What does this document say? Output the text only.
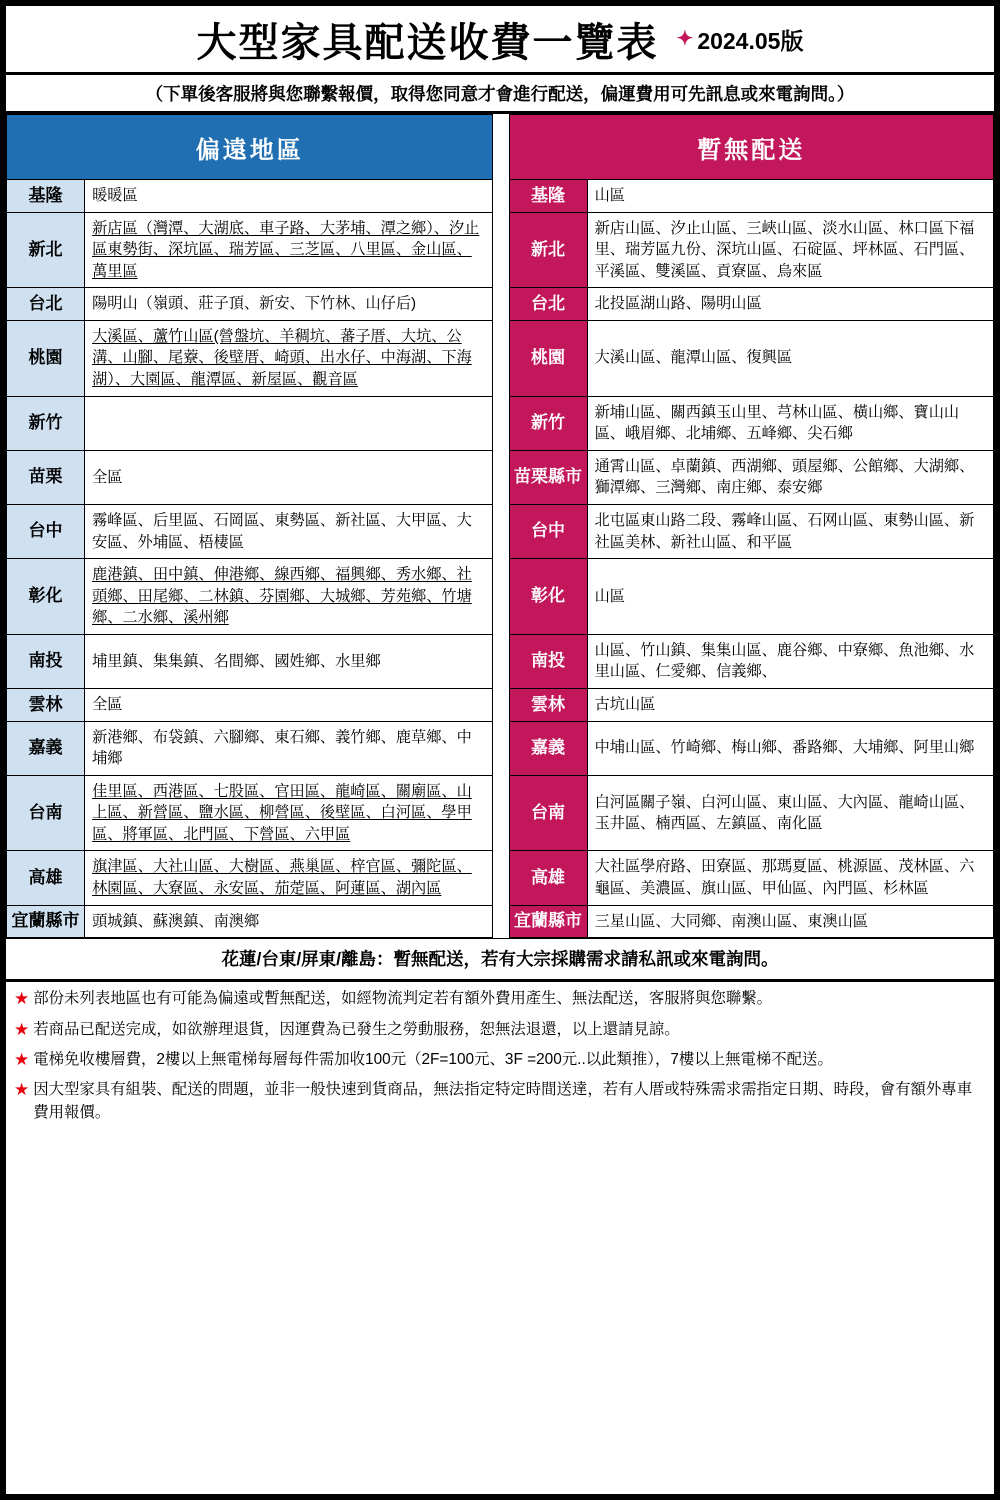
大型家具配送收費一覽表 ✦ 2024.05版
（下單後客服將與您聯繫報價，取得您同意才會進行配送，偏運費用可先訊息或來電詢問。）
偏遠地區			暫無配送	
基隆	暖暖區		基隆	山區
新北	新店區（灣潭、大湖底、車子路、大茅埔、潭之鄉）、汐止區東勢街、深坑區、瑞芳區、三芝區、八里區、金山區、萬里區		新北	新店山區、汐止山區、三峽山區、淡水山區、林口區下福里、瑞芳區九份、深坑山區、石碇區、坪林區、石門區、平溪區、雙溪區、貢寮區、烏來區
台北	陽明山（嶺頭、莊子頂、新安、下竹林、山仔后)		台北	北投區湖山路、陽明山區
桃園	大溪區、蘆竹山區(營盤坑、羊稠坑、蕃子厝、大坑、公溝、山腳、尾藔、後壁厝、崎頭、出水仔、中海湖、下海湖）、大園區、龍潭區、新屋區、觀音區		桃園	大溪山區、龍潭山區、復興區
新竹			新竹	新埔山區、關西鎮玉山里、芎林山區、橫山鄉、寶山山區、峨眉鄉、北埔鄉、五峰鄉、尖石鄉
苗栗	全區		苗栗縣市	通霄山區、卓蘭鎮、西湖鄉、頭屋鄉、公館鄉、大湖鄉、獅潭鄉、三灣鄉、南庄鄉、泰安鄉
台中	霧峰區、后里區、石岡區、東勢區、新社區、大甲區、大安區、外埔區、梧棲區		台中	北屯區東山路二段、霧峰山區、石网山區、東勢山區、新社區美林、新社山區、和平區
彰化	鹿港鎮、田中鎮、伸港鄉、線西鄉、福興鄉、秀水鄉、社頭鄉、田尾鄉、二林鎮、芬園鄉、大城鄉、芳苑鄉、竹塘鄉、二水鄉、溪州鄉		彰化	山區
南投	埔里鎮、集集鎮、名間鄉、國姓鄉、水里鄉		南投	山區、竹山鎮、集集山區、鹿谷鄉、中寮鄉、魚池鄉、水里山區、仁愛鄉、信義鄉、
雲林	全區		雲林	古坑山區
嘉義	新港鄉、布袋鎮、六腳鄉、東石鄉、義竹鄉、鹿草鄉、中埔鄉		嘉義	中埔山區、竹崎鄉、梅山鄉、番路鄉、大埔鄉、阿里山鄉
台南	佳里區、西港區、七股區、官田區、龍崎區、關廟區、山上區、新營區、鹽水區、柳營區、後壁區、白河區、學甲區、將軍區、北門區、下營區、六甲區		台南	白河區關子嶺、白河山區、東山區、大內區、龍崎山區、玉井區、楠西區、左鎮區、南化區
高雄	旗津區、大社山區、大樹區、燕巢區、梓官區、彌陀區、 林園區、大寮區、永安區、茄萣區、阿蓮區、湖內區		高雄	大社區學府路、田寮區、那瑪夏區、桃源區、茂林區、六龜區、美濃區、旗山區、甲仙區、內門區、杉林區
宜蘭縣市	頭城鎮、蘇澳鎮、南澳鄉		宜蘭縣市	三星山區、大同鄉、南澳山區、東澳山區
花蓮/台東/屏東/離島：暫無配送，若有大宗採購需求請私訊或來電詢問。
★ 部份未列表地區也有可能為偏遠或暫無配送，如經物流判定若有額外費用產生、無法配送，客服將與您聯繫。
★ 若商品已配送完成，如欲辦理退貨，因運費為已發生之勞動服務，恕無法退還，以上還請見諒。
★ 電梯免收樓層費，2樓以上無電梯每層每件需加收100元（2F=100元、3F =200元..以此類推），7樓以上無電梯不配送。
★ 因大型家具有組裝、配送的問題，並非一般快速到貨商品，無法指定特定時間送達，若有人厝或特殊需求需指定日期、時段，會有額外專車費用報價。
